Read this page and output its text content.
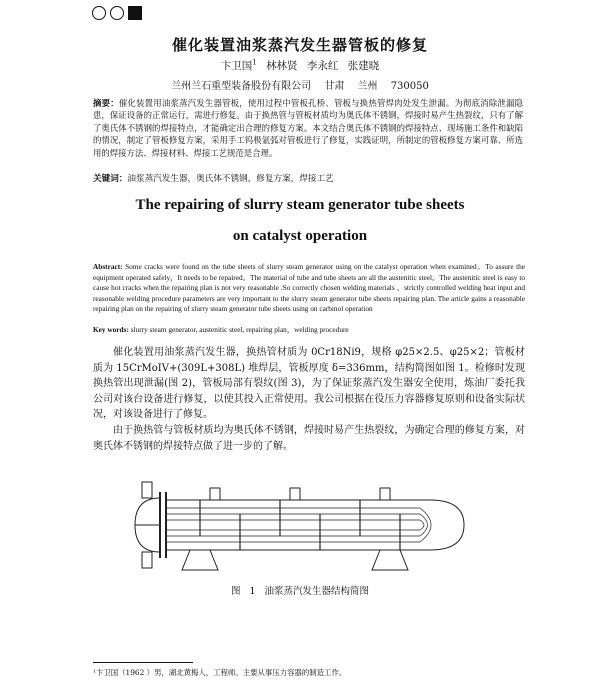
催化装置油浆蒸汽发生器管板的修复
卞卫国$^1$ 林林贤 李永红 张建晓
兰州兰石重型装备股份有限公司 甘肃 兰州 730050
摘要：催化装置用油浆蒸汽发生器管板，使用过程中管板孔桥、管板与换热管焊肉处发生泄漏。为彻底消除泄漏隐患，保证设备的正常运行，需进行修复。由于换热管与管板材质均为奥氏体不锈钢，焊接时易产生热裂纹，只有了解了奥氏体不锈钢的焊接特点，才能确定出合理的修复方案。本文结合奥氏体不锈钢的焊接特点、现场施工条件和缺陷的情况，制定了管板修复方案，采用手工钨极氩弧对管板进行了修复，实践证明，所制定的管板修复方案可靠、所选用的焊接方法、焊接材料、焊接工艺规范是合理。
关键词：油浆蒸汽发生器，奥氏体不锈钢，修复方案，焊接工艺
The repairing of slurry steam generator tube sheets
on catalyst operation
Abstract: Some cracks were found on the tube sheets of slurry steam generator using on the catalyst operation when examined。To assure the equipment operated safely，It needs to be repaired。The material of tube and tube sheets are all the austenitic steel。The austenitic steel is easy to cause hot cracks when the repairing plan is not very reasonable .So correctly chosen welding materials 、strictly controlled welding heat input and reasonable welding procedure parameters are very important to the slurry steam generator tube sheets repairing plan. The article gains a reasonable repairing plan on the repairing of slurry steam generator tube sheets using on carbinol operation
Key words: slurry steam generator, austenitic steel, repairing plan，welding procedure

催化装置用油浆蒸汽发生器，换热管材质为 0Cr18Ni9，规格 φ25×2.5、φ25×2；管板材质为 15CrMoIV+(309L+308L) 堆焊层，管板厚度 δ=336mm，结构简图如图 1。检修时发现换热管出现泄漏(图 2)，管板局部有裂纹(图 3)，为了保证浆蒸汽发生器安全使用，炼油厂委托我公司对该台设备进行修复，以使其投入正常使用。我公司根据在役压力容器修复原则和设备实际状况，对该设备进行了修复。

由于换热管与管板材质均为奥氏体不锈钢，焊接时易产生热裂纹，为确定合理的修复方案，对奥氏体不锈钢的焊接特点做了进一步的了解。

图 1 油浆蒸汽发生器结构简图
¹卞卫国（1962 ）男，湖北黄梅人，工程师。主要从事压力容器的制造工作。
